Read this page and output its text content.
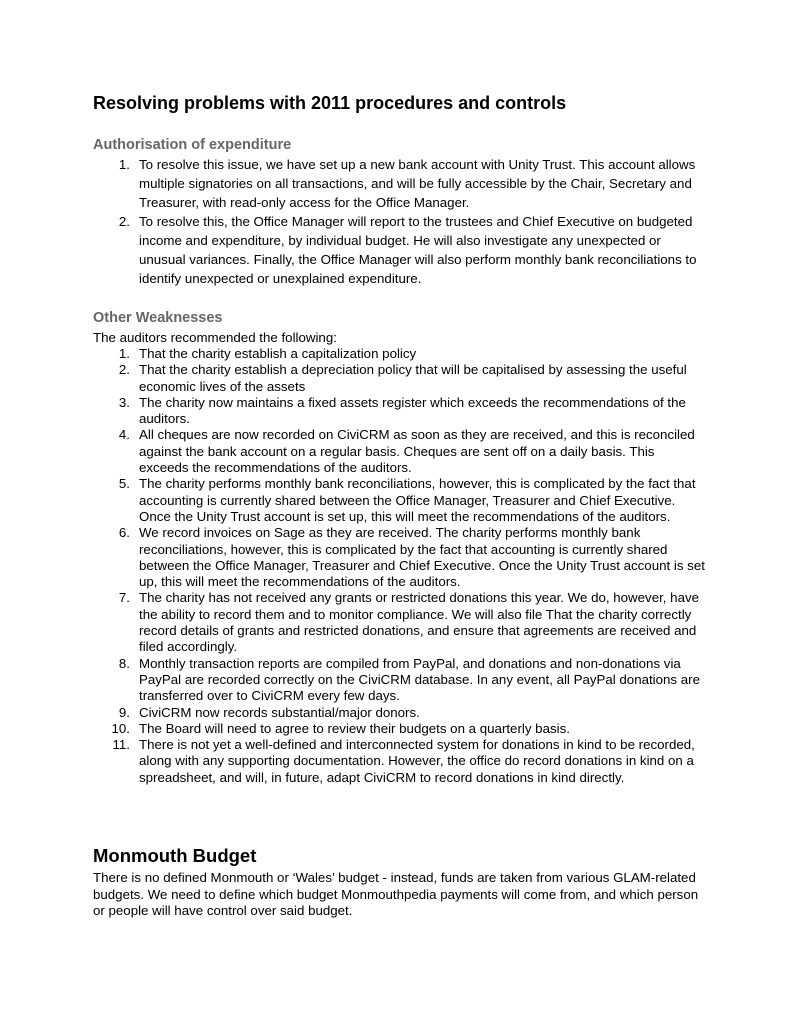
Resolving problems with 2011 procedures and controls
Authorisation of expenditure
1. To resolve this issue, we have set up a new bank account with Unity Trust. This account allows multiple signatories on all transactions, and will be fully accessible by the Chair, Secretary and Treasurer, with read-only access for the Office Manager.
2. To resolve this, the Office Manager will report to the trustees and Chief Executive on budgeted income and expenditure, by individual budget. He will also investigate any unexpected or unusual variances. Finally, the Office Manager will also perform monthly bank reconciliations to identify unexpected or unexplained expenditure.
Other Weaknesses
The auditors recommended the following:
1. That the charity establish a capitalization policy
2. That the charity establish a depreciation policy that will be capitalised by assessing the useful economic lives of the assets
3. The charity now maintains a fixed assets register which exceeds the recommendations of the auditors.
4. All cheques are now recorded on CiviCRM as soon as they are received, and this is reconciled against the bank account on a regular basis. Cheques are sent off on a daily basis. This exceeds the recommendations of the auditors.
5. The charity performs monthly bank reconciliations, however, this is complicated by the fact that accounting is currently shared between the Office Manager, Treasurer and Chief Executive. Once the Unity Trust account is set up, this will meet the recommendations of the auditors.
6. We record invoices on Sage as they are received. The charity performs monthly bank reconciliations, however, this is complicated by the fact that accounting is currently shared between the Office Manager, Treasurer and Chief Executive. Once the Unity Trust account is set up, this will meet the recommendations of the auditors.
7. The charity has not received any grants or restricted donations this year. We do, however, have the ability to record them and to monitor compliance. We will also file That the charity correctly record details of grants and restricted donations, and ensure that agreements are received and filed accordingly.
8. Monthly transaction reports are compiled from PayPal, and donations and non-donations via PayPal are recorded correctly on the CiviCRM database. In any event, all PayPal donations are transferred over to CiviCRM every few days.
9. CiviCRM now records substantial/major donors.
10. The Board will need to agree to review their budgets on a quarterly basis.
11. There is not yet a well-defined and interconnected system for donations in kind to be recorded, along with any supporting documentation. However, the office do record donations in kind on a spreadsheet, and will, in future, adapt CiviCRM to record donations in kind directly.
Monmouth Budget

There is no defined Monmouth or ‘Wales’ budget - instead, funds are taken from various GLAM-related budgets. We need to define which budget Monmouthpedia payments will come from, and which person or people will have control over said budget.
